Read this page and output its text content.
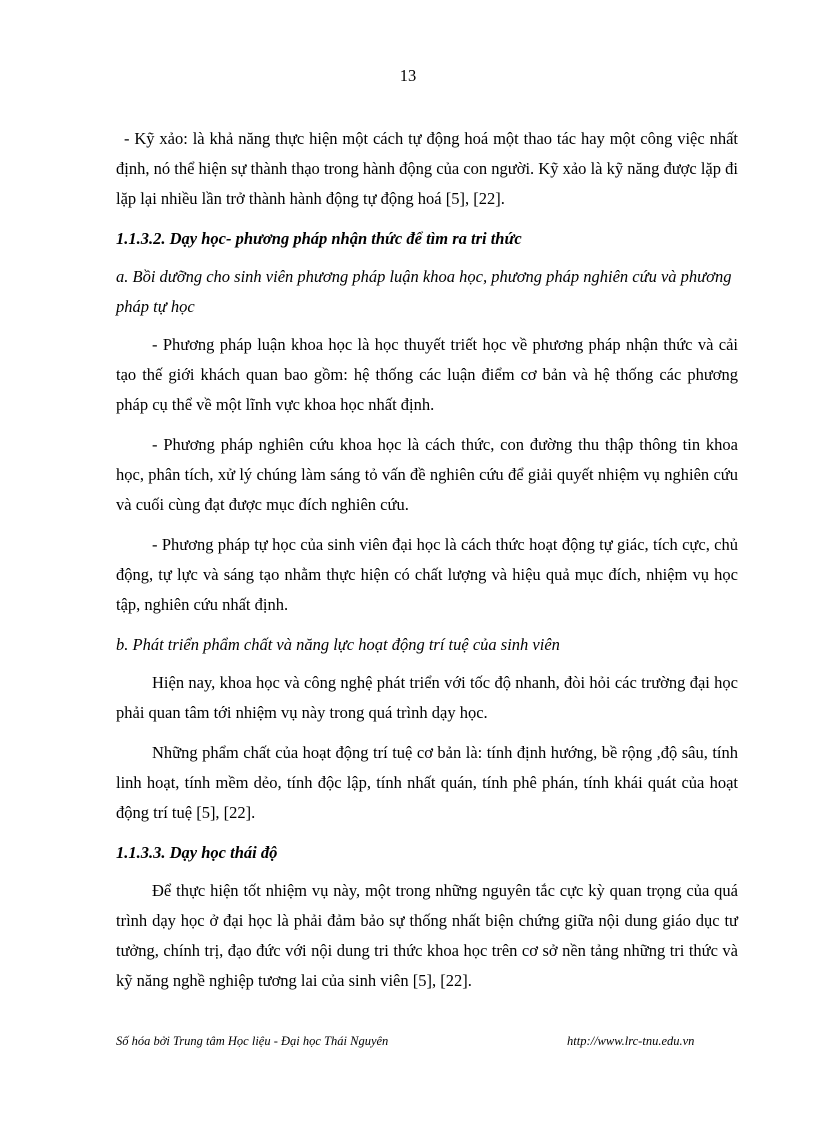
13

- Kỹ xảo: là khả năng thực hiện một cách tự động hoá một thao tác hay một công việc nhất định, nó thể hiện sự thành thạo trong hành động của con người. Kỹ xảo là kỹ năng được lặp đi lặp lại nhiều lần trở thành hành động tự động hoá [5], [22].

1.1.3.2. Dạy học- phương pháp nhận thức để tìm ra tri thức

a. Bồi dưỡng cho sinh viên phương pháp luận khoa học, phương pháp nghiên cứu và phương pháp tự học

- Phương pháp luận khoa học là học thuyết triết học về phương pháp nhận thức và cải tạo thế giới khách quan bao gồm: hệ thống các luận điểm cơ bản và hệ thống các phương pháp cụ thể về một lĩnh vực khoa học nhất định.

- Phương pháp nghiên cứu khoa học là cách thức, con đường thu thập thông tin khoa học, phân tích, xử lý chúng làm sáng tỏ vấn đề nghiên cứu để giải quyết nhiệm vụ nghiên cứu và cuối cùng đạt được mục đích nghiên cứu.

- Phương pháp tự học của sinh viên đại học là cách thức hoạt động tự giác, tích cực, chủ động, tự lực và sáng tạo nhằm thực hiện có chất lượng và hiệu quả mục đích, nhiệm vụ học tập, nghiên cứu nhất định.

b. Phát triển phẩm chất và năng lực hoạt động trí tuệ của sinh viên

Hiện nay, khoa học và công nghệ phát triển với tốc độ nhanh, đòi hỏi các trường đại học phải quan tâm tới nhiệm vụ này trong quá trình dạy học.

Những phẩm chất của hoạt động trí tuệ cơ bản là: tính định hướng, bề rộng ,độ sâu, tính linh hoạt, tính mềm dẻo, tính độc lập, tính nhất quán, tính phê phán, tính khái quát của hoạt động trí tuệ [5], [22].

1.1.3.3. Dạy học thái độ

Để thực hiện tốt nhiệm vụ này, một trong những nguyên tắc cực kỳ quan trọng của quá trình dạy học ở đại học là phải đảm bảo sự thống nhất biện chứng giữa nội dung giáo dục tư tưởng, chính trị, đạo đức với nội dung tri thức khoa học trên cơ sở nền tảng những tri thức và kỹ năng nghề nghiệp tương lai của sinh viên [5], [22].

Số hóa bởi Trung tâm Học liệu - Đại học Thái Nguyên	http://www.lrc-tnu.edu.vn
